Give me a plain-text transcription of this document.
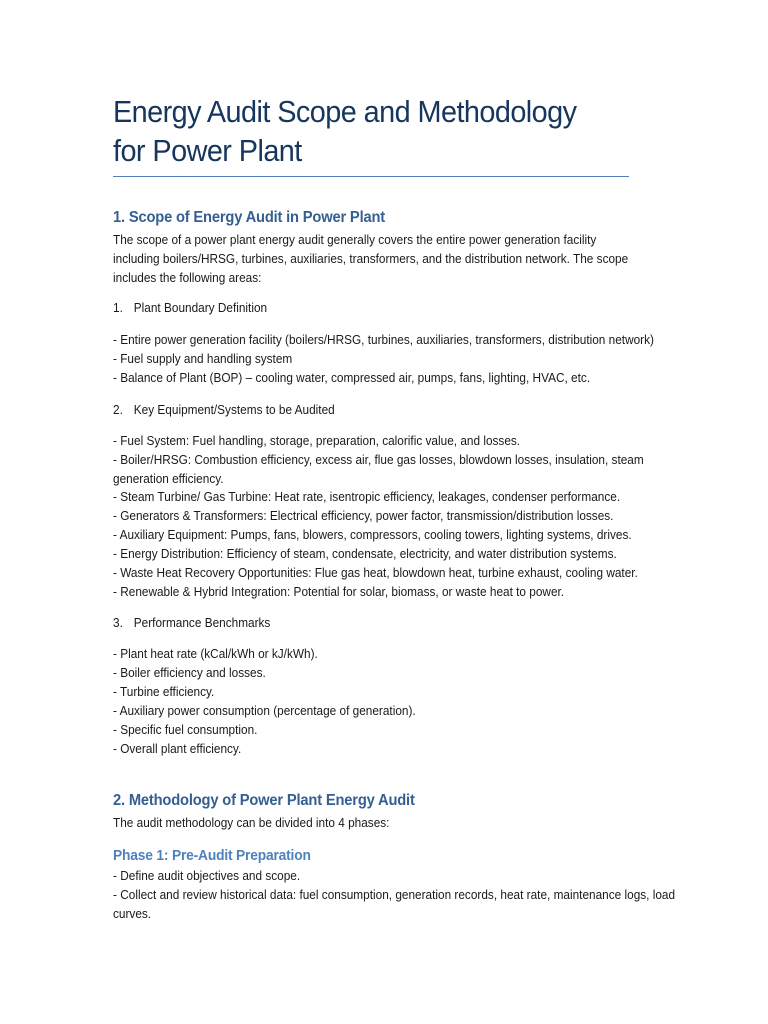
Energy Audit Scope and Methodology for Power Plant
1. Scope of Energy Audit in Power Plant
The scope of a power plant energy audit generally covers the entire power generation facility including boilers/HRSG, turbines, auxiliaries, transformers, and the distribution network. The scope includes the following areas:
1. Plant Boundary Definition
- Entire power generation facility (boilers/HRSG, turbines, auxiliaries, transformers, distribution network)
- Fuel supply and handling system
- Balance of Plant (BOP) – cooling water, compressed air, pumps, fans, lighting, HVAC, etc.
2. Key Equipment/Systems to be Audited
- Fuel System: Fuel handling, storage, preparation, calorific value, and losses.
- Boiler/HRSG: Combustion efficiency, excess air, flue gas losses, blowdown losses, insulation, steam
generation efficiency.
- Steam Turbine/ Gas Turbine: Heat rate, isentropic efficiency, leakages, condenser performance.
- Generators & Transformers: Electrical efficiency, power factor, transmission/distribution losses.
- Auxiliary Equipment: Pumps, fans, blowers, compressors, cooling towers, lighting systems, drives.
- Energy Distribution: Efficiency of steam, condensate, electricity, and water distribution systems.
- Waste Heat Recovery Opportunities: Flue gas heat, blowdown heat, turbine exhaust, cooling water.
- Renewable & Hybrid Integration: Potential for solar, biomass, or waste heat to power.
3. Performance Benchmarks
- Plant heat rate (kCal/kWh or kJ/kWh).
- Boiler efficiency and losses.
- Turbine efficiency.
- Auxiliary power consumption (percentage of generation).
- Specific fuel consumption.
- Overall plant efficiency.
2. Methodology of Power Plant Energy Audit
The audit methodology can be divided into 4 phases:
Phase 1: Pre-Audit Preparation
- Define audit objectives and scope.
- Collect and review historical data: fuel consumption, generation records, heat rate, maintenance logs, load
curves.
